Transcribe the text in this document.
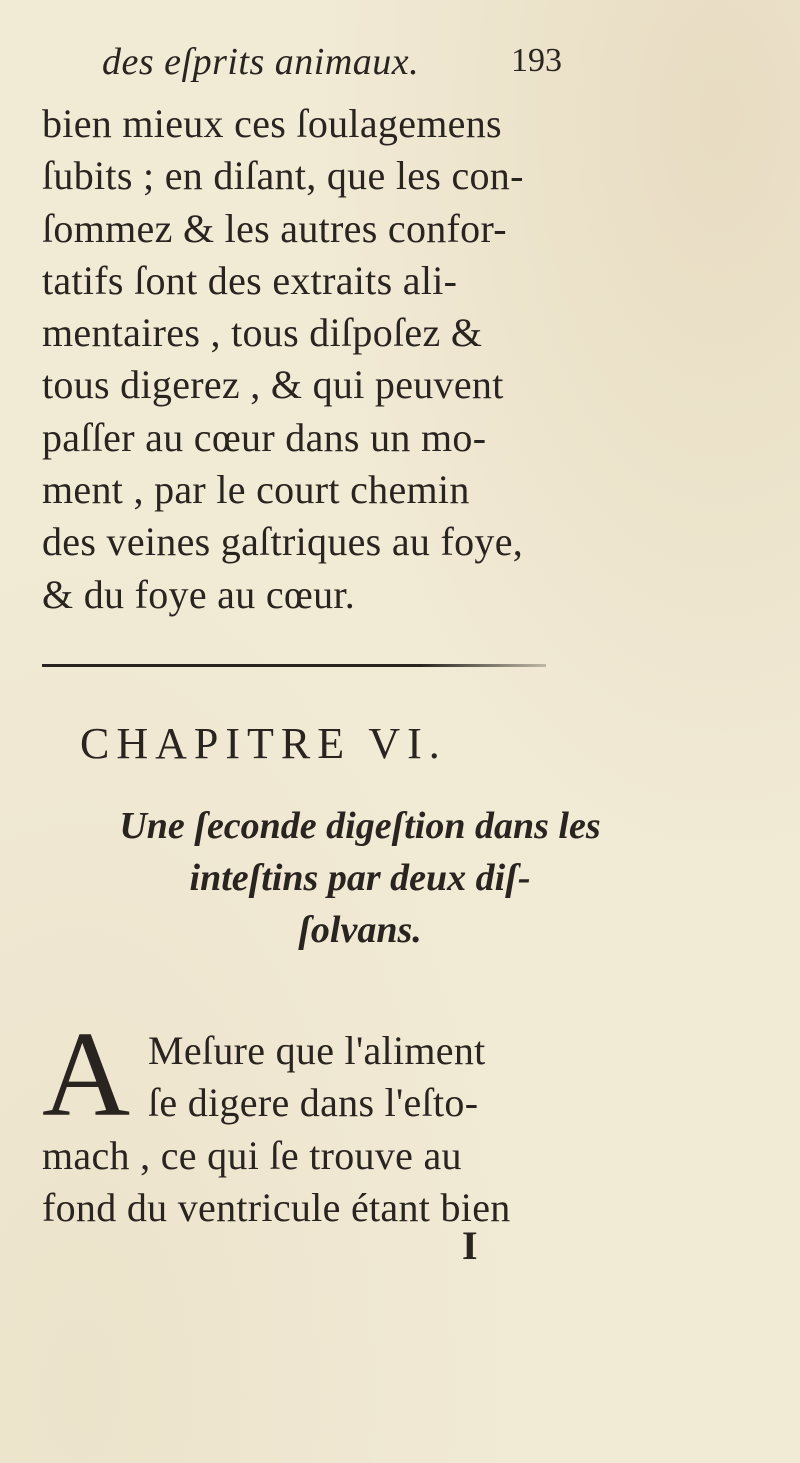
des eſprits animaux.	193
bien mieux ces ſoulagemens
ſubits ; en diſant, que les con-
ſommez & les autres confor-
tatifs ſont des extraits ali-
mentaires , tous diſpoſez &
tous digerez , & qui peuvent
paſſer au cœur dans un mo-
ment , par le court chemin
des veines gaſtriques au foye,
& du foye au cœur.
CHAPITRE VI.
Une ſeconde digeſtion dans les
inteſtins par deux diſ-
ſolvans.
A Meſure que l'aliment
ſe digere dans l'eſto-
mach , ce qui ſe trouve au
fond du ventricule étant bien
I
